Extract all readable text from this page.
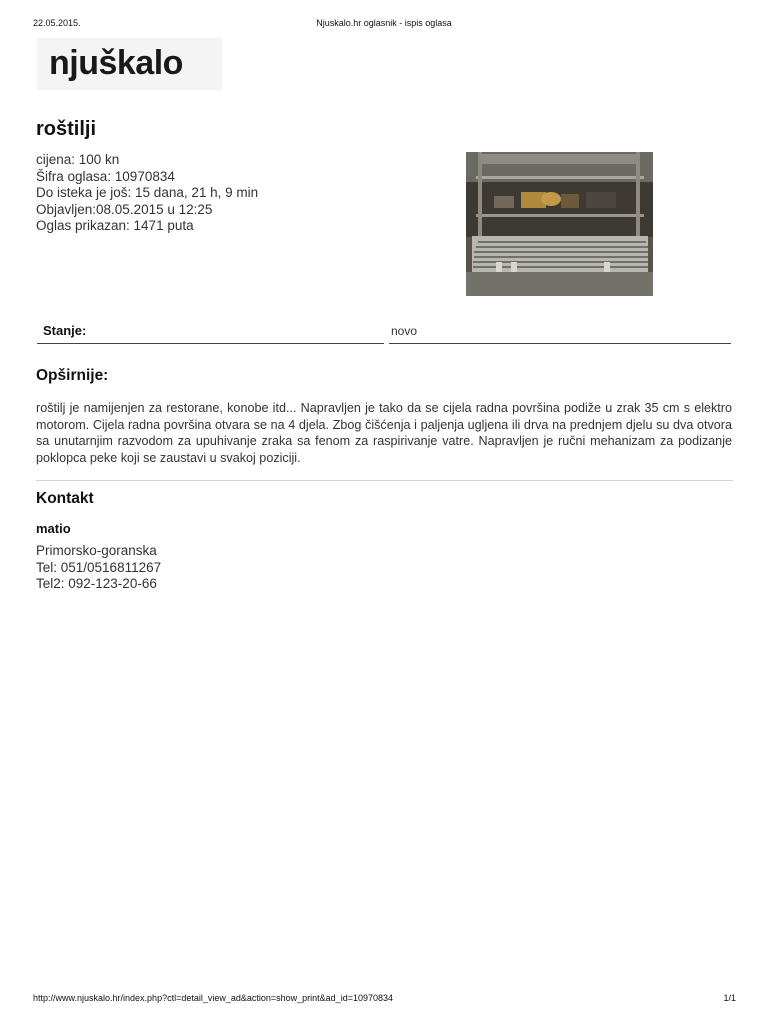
22.05.2015.	Njuskalo.hr oglasnik - ispis oglasa
njuškalo
roštilji
cijena: 100 kn
Šifra oglasa: 10970834
Do isteka je još: 15 dana, 21 h, 9 min
Objavljen:08.05.2015 u 12:25
Oglas prikazan: 1471 puta
Stanje:	novo
Opširnije:
roštilj je namijenjen za restorane, konobe itd... Napravljen je tako da se cijela radna površina podiže u zrak 35 cm s elektro motorom. Cijela radna površina otvara se na 4 djela. Zbog čišćenja i paljenja ugljena ili drva na prednjem djelu su dva otvora sa unutarnjim razvodom za upuhivanje zraka sa fenom za raspirivanje vatre. Napravljen je ručni mehanizam za podizanje poklopca peke koji se zaustavi u svakoj poziciji.
Kontakt
matio
Primorsko-goranska
Tel: 051/0516811267
Tel2: 092-123-20-66
http://www.njuskalo.hr/index.php?ctl=detail_view_ad&action=show_print&ad_id=10970834	1/1
